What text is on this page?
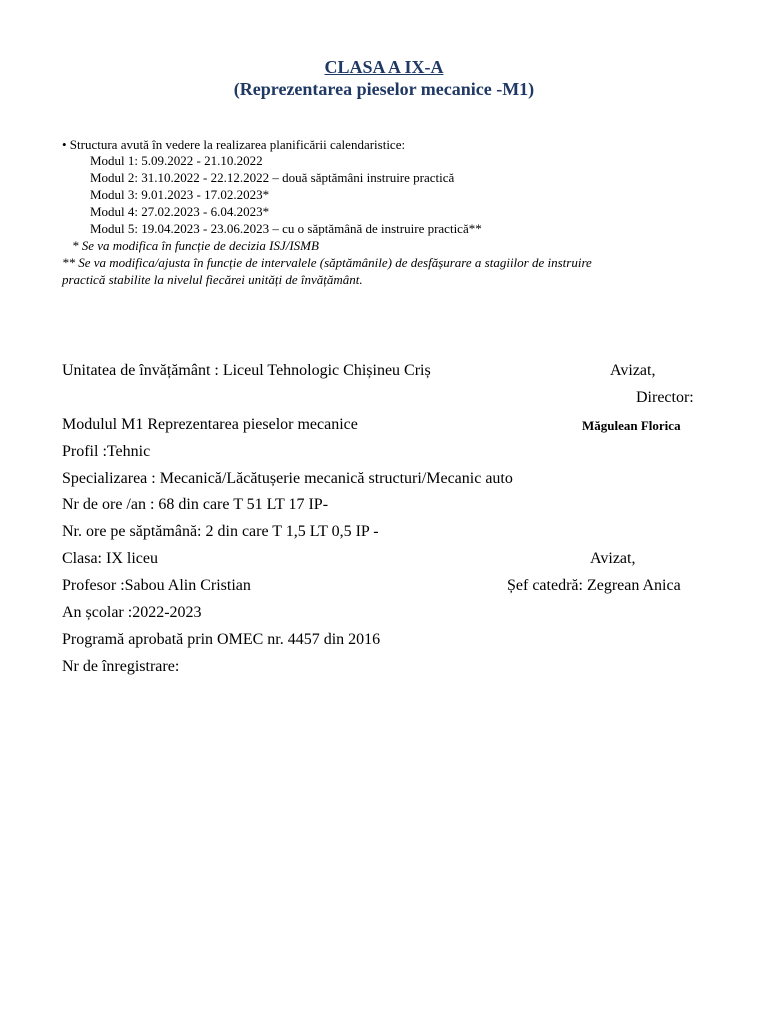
CLASA A IX-A
(Reprezentarea pieselor mecanice -M1)
• Structura avută în vedere la realizarea planificării calendaristice:
Modul 1: 5.09.2022 - 21.10.2022
Modul 2: 31.10.2022 - 22.12.2022 – două săptămâni instruire practică
Modul 3: 9.01.2023 - 17.02.2023*
Modul 4: 27.02.2023 - 6.04.2023*
Modul 5: 19.04.2023 - 23.06.2023 – cu o săptămână de instruire practică**
* Se va modifica în funcție de decizia ISJ/ISMB
** Se va modifica/ajusta în funcție de intervalele (săptămânile) de desfășurare a stagiilor de instruire
practică stabilite la nivelul fiecărei unități de învățământ.
Unitatea de învățământ : Liceul Tehnologic Chișineu Criș	Avizat,
Director:
Modulul M1 Reprezentarea pieselor mecanice	Măgulean Florica
Profil :Tehnic
Specializarea : Mecanică/Lăcătușerie mecanică structuri/Mecanic auto
Nr de ore /an : 68 din care T 51 LT 17 IP-
Nr. ore pe săptămână: 2 din care T 1,5 LT 0,5 IP -
Clasa: IX liceu	Avizat,
Profesor :Sabou Alin Cristian	Șef catedră: Zegrean Anica
An școlar :2022-2023
Programă aprobată prin OMEC nr. 4457 din 2016
Nr de înregistrare:
